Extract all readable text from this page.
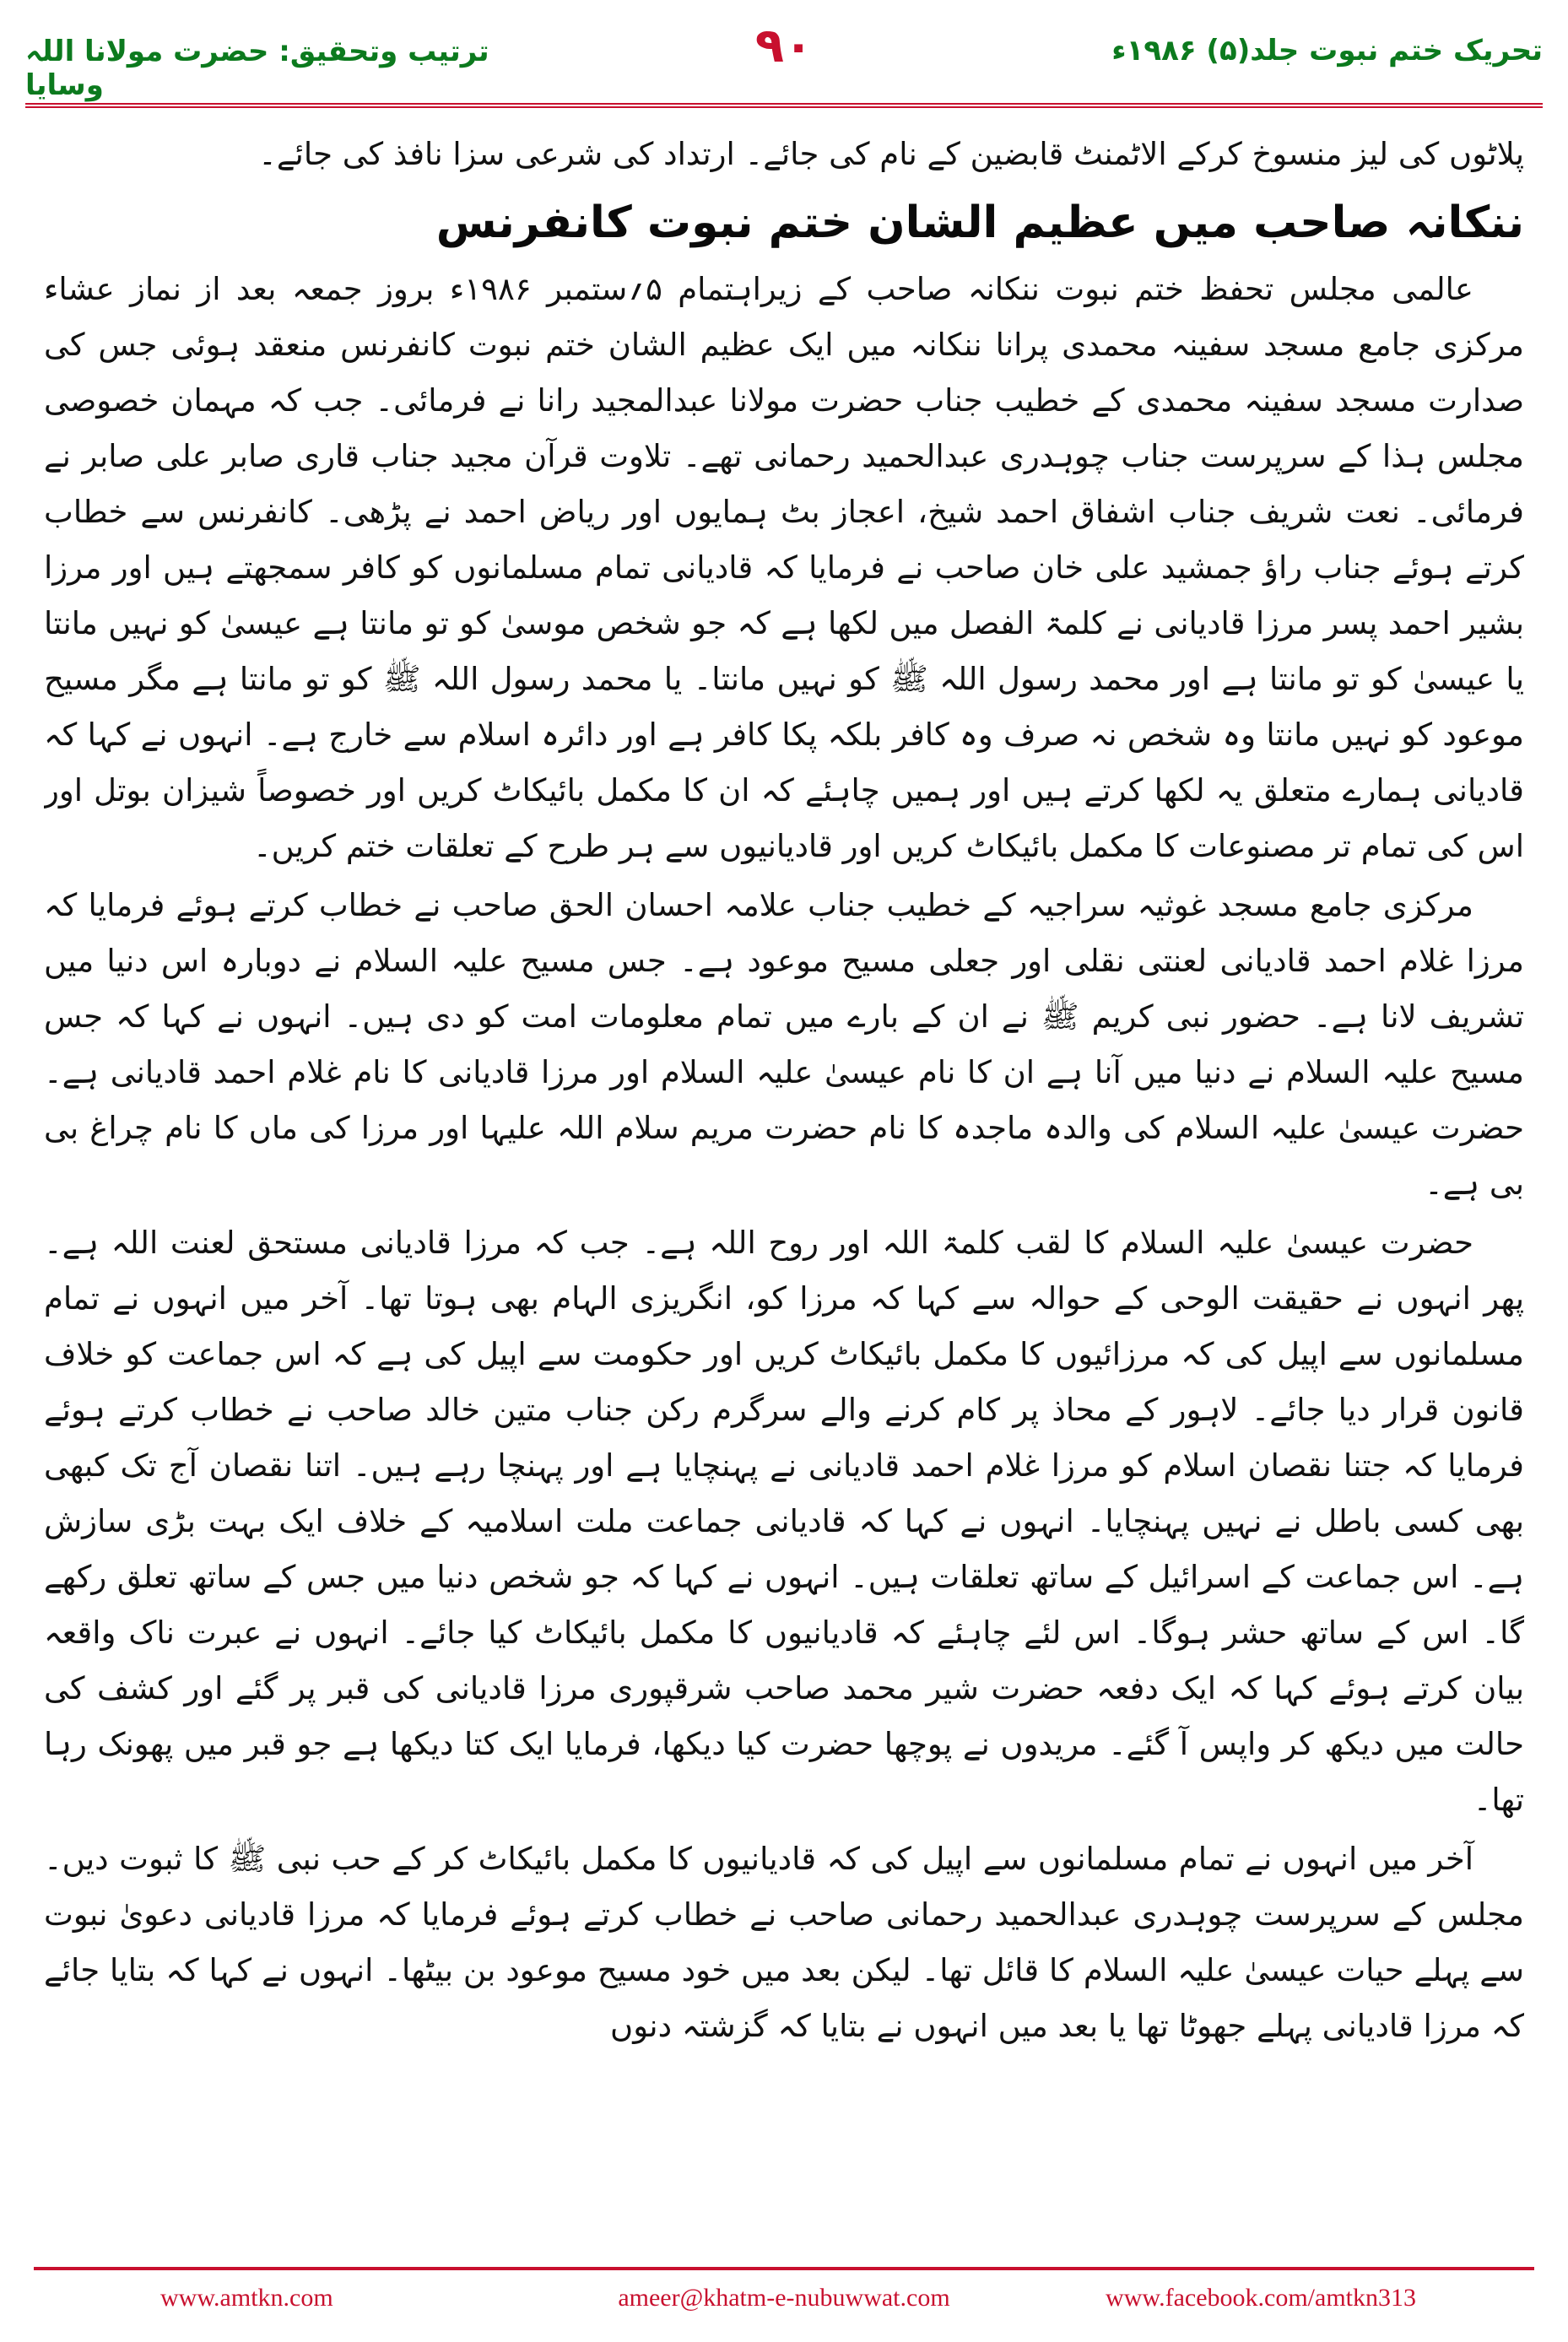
ترتیب وتحقیق: حضرت مولانا اللہ وسایا
۹۰	تحریک ختم نبوت جلد(۵) ۱۹۸۶ء

پلاٹوں کی لیز منسوخ کرکے الاٹمنٹ قابضین کے نام کی جائے۔ ارتداد کی شرعی سزا نافذ کی جائے۔

ننکانہ صاحب میں عظیم الشان ختم نبوت کانفرنس

عالمی مجلس تحفظ ختم نبوت ننکانہ صاحب کے زیراہتمام ۵؍ستمبر ۱۹۸۶ء بروز جمعہ بعد از نماز عشاء مرکزی جامع مسجد سفینہ محمدی پرانا ننکانہ میں ایک عظیم الشان ختم نبوت کانفرنس منعقد ہوئی جس کی صدارت مسجد سفینہ محمدی کے خطیب جناب حضرت مولانا عبدالمجید رانا نے فرمائی۔ جب کہ مہمان خصوصی مجلس ہذا کے سرپرست جناب چوہدری عبدالحمید رحمانی تھے۔ تلاوت قرآن مجید جناب قاری صابر علی صابر نے فرمائی۔ نعت شریف جناب اشفاق احمد شیخ، اعجاز بٹ ہمایوں اور ریاض احمد نے پڑھی۔ کانفرنس سے خطاب کرتے ہوئے جناب راؤ جمشید علی خان صاحب نے فرمایا کہ قادیانی تمام مسلمانوں کو کافر سمجھتے ہیں اور مرزا بشیر احمد پسر مرزا قادیانی نے کلمۃ الفصل میں لکھا ہے کہ جو شخص موسیٰ کو تو مانتا ہے عیسیٰ کو نہیں مانتا یا عیسیٰ کو تو مانتا ہے اور محمد رسول اللہ ﷺ کو نہیں مانتا۔ یا محمد رسول اللہ ﷺ کو تو مانتا ہے مگر مسیح موعود کو نہیں مانتا وہ شخص نہ صرف وہ کافر بلکہ پکا کافر ہے اور دائرہ اسلام سے خارج ہے۔ انہوں نے کہا کہ قادیانی ہمارے متعلق یہ لکھا کرتے ہیں اور ہمیں چاہئے کہ ان کا مکمل بائیکاٹ کریں اور خصوصاً شیزان بوتل اور اس کی تمام تر مصنوعات کا مکمل بائیکاٹ کریں اور قادیانیوں سے ہر طرح کے تعلقات ختم کریں۔

مرکزی جامع مسجد غوثیہ سراجیہ کے خطیب جناب علامہ احسان الحق صاحب نے خطاب کرتے ہوئے فرمایا کہ مرزا غلام احمد قادیانی لعنتی نقلی اور جعلی مسیح موعود ہے۔ جس مسیح علیہ السلام نے دوبارہ اس دنیا میں تشریف لانا ہے۔ حضور نبی کریم ﷺ نے ان کے بارے میں تمام معلومات امت کو دی ہیں۔ انہوں نے کہا کہ جس مسیح علیہ السلام نے دنیا میں آنا ہے ان کا نام عیسیٰ علیہ السلام اور مرزا قادیانی کا نام غلام احمد قادیانی ہے۔ حضرت عیسیٰ علیہ السلام کی والدہ ماجدہ کا نام حضرت مریم سلام اللہ علیہا اور مرزا کی ماں کا نام چراغ بی بی ہے۔

حضرت عیسیٰ علیہ السلام کا لقب کلمۃ اللہ اور روح اللہ ہے۔ جب کہ مرزا قادیانی مستحق لعنت اللہ ہے۔ پھر انہوں نے حقیقت الوحی کے حوالہ سے کہا کہ مرزا کو، انگریزی الہام بھی ہوتا تھا۔ آخر میں انہوں نے تمام مسلمانوں سے اپیل کی کہ مرزائیوں کا مکمل بائیکاٹ کریں اور حکومت سے اپیل کی ہے کہ اس جماعت کو خلاف قانون قرار دیا جائے۔ لاہور کے محاذ پر کام کرنے والے سرگرم رکن جناب متین خالد صاحب نے خطاب کرتے ہوئے فرمایا کہ جتنا نقصان اسلام کو مرزا غلام احمد قادیانی نے پہنچایا ہے اور پہنچا رہے ہیں۔ اتنا نقصان آج تک کبھی بھی کسی باطل نے نہیں پہنچایا۔ انہوں نے کہا کہ قادیانی جماعت ملت اسلامیہ کے خلاف ایک بہت بڑی سازش ہے۔ اس جماعت کے اسرائیل کے ساتھ تعلقات ہیں۔ انہوں نے کہا کہ جو شخص دنیا میں جس کے ساتھ تعلق رکھے گا۔ اس کے ساتھ حشر ہوگا۔ اس لئے چاہئے کہ قادیانیوں کا مکمل بائیکاٹ کیا جائے۔ انہوں نے عبرت ناک واقعہ بیان کرتے ہوئے کہا کہ ایک دفعہ حضرت شیر محمد صاحب شرقپوری مرزا قادیانی کی قبر پر گئے اور کشف کی حالت میں دیکھ کر واپس آ گئے۔ مریدوں نے پوچھا حضرت کیا دیکھا، فرمایا ایک کتا دیکھا ہے جو قبر میں پھونک رہا تھا۔

آخر میں انہوں نے تمام مسلمانوں سے اپیل کی کہ قادیانیوں کا مکمل بائیکاٹ کر کے حب نبی ﷺ کا ثبوت دیں۔ مجلس کے سرپرست چوہدری عبدالحمید رحمانی صاحب نے خطاب کرتے ہوئے فرمایا کہ مرزا قادیانی دعویٰ نبوت سے پہلے حیات عیسیٰ علیہ السلام کا قائل تھا۔ لیکن بعد میں خود مسیح موعود بن بیٹھا۔ انہوں نے کہا کہ بتایا جائے کہ مرزا قادیانی پہلے جھوٹا تھا یا بعد میں انہوں نے بتایا کہ گزشتہ دنوں

www.amtkn.com	ameer@khatm-e-nubuwwat.com	www.facebook.com/amtkn313
